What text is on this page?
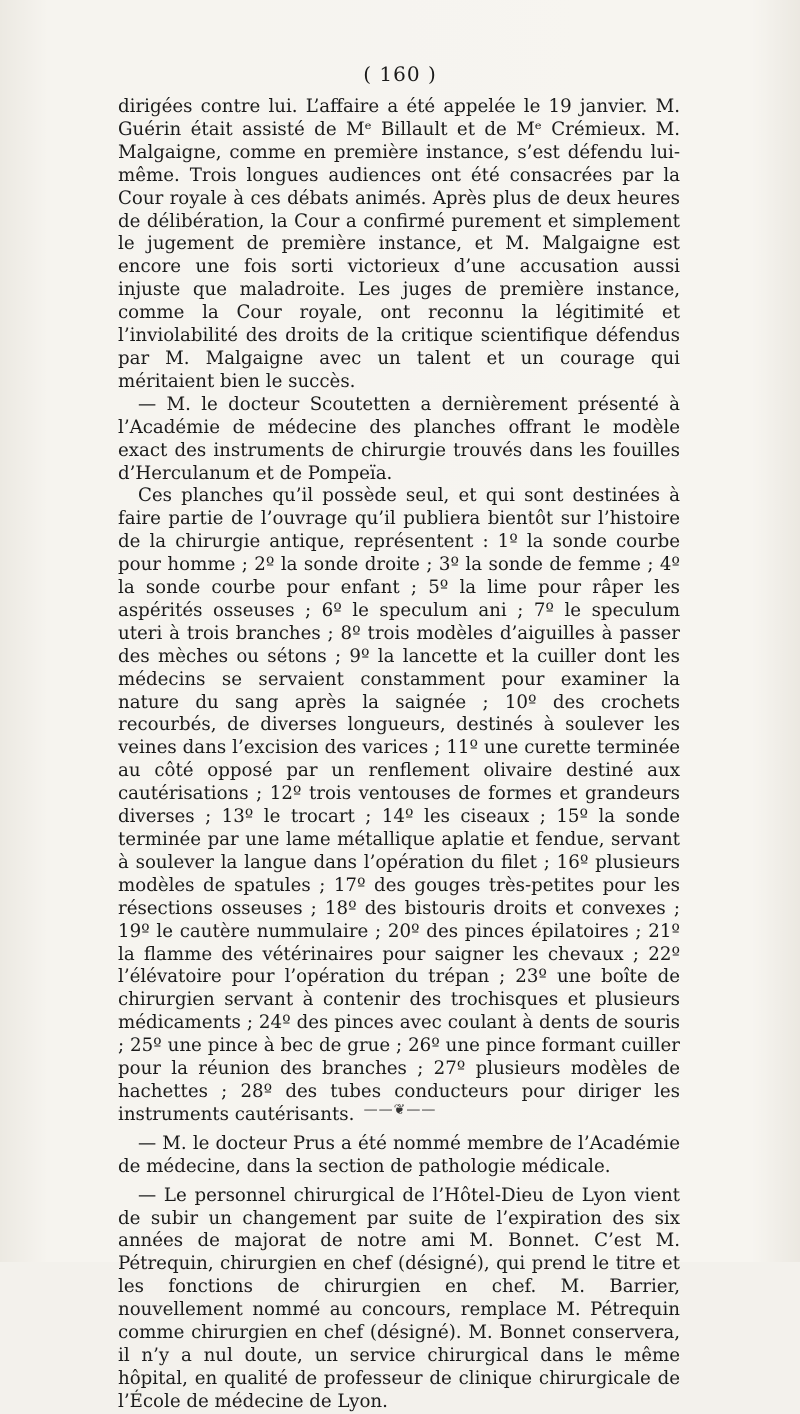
( 160 )

dirigées contre lui. L’affaire a été appelée le 19 janvier. M. Guérin était assisté de Mᵉ Billault et de Mᵉ Crémieux. M. Malgaigne, comme en première instance, s’est défendu lui-même. Trois longues audiences ont été consacrées par la Cour royale à ces débats animés. Après plus de deux heures de délibération, la Cour a confirmé purement et simplement le jugement de première instance, et M. Malgaigne est encore une fois sorti victorieux d’une accusation aussi injuste que maladroite. Les juges de première instance, comme la Cour royale, ont reconnu la légitimité et l’inviolabilité des droits de la critique scientifique défendus par M. Malgaigne avec un talent et un courage qui méritaient bien le succès.

— M. le docteur Scoutetten a dernièrement présenté à l’Académie de médecine des planches offrant le modèle exact des instruments de chirurgie trouvés dans les fouilles d’Herculanum et de Pompeïa.

Ces planches qu’il possède seul, et qui sont destinées à faire partie de l’ouvrage qu’il publiera bientôt sur l’histoire de la chirurgie antique, représentent : 1º la sonde courbe pour homme ; 2º la sonde droite ; 3º la sonde de femme ; 4º la sonde courbe pour enfant ; 5º la lime pour râper les aspérités osseuses ; 6º le speculum ani ; 7º le speculum uteri à trois branches ; 8º trois modèles d’aiguilles à passer des mèches ou sétons ; 9º la lancette et la cuiller dont les médecins se servaient constamment pour examiner la nature du sang après la saignée ; 10º des crochets recourbés, de diverses longueurs, destinés à soulever les veines dans l’excision des varices ; 11º une curette terminée au côté opposé par un renflement olivaire destiné aux cautérisations ; 12º trois ventouses de formes et grandeurs diverses ; 13º le trocart ; 14º les ciseaux ; 15º la sonde terminée par une lame métallique aplatie et fendue, servant à soulever la langue dans l’opération du filet ; 16º plusieurs modèles de spatules ; 17º des gouges très-petites pour les résections osseuses ; 18º des bistouris droits et convexes ; 19º le cautère nummulaire ; 20º des pinces épilatoires ; 21º la flamme des vétérinaires pour saigner les chevaux ; 22º l’élévatoire pour l’opération du trépan ; 23º une boîte de chirurgien servant à contenir des trochisques et plusieurs médicaments ; 24º des pinces avec coulant à dents de souris ; 25º une pince à bec de grue ; 26º une pince formant cuiller pour la réunion des branches ; 27º plusieurs modèles de hachettes ; 28º des tubes conducteurs pour diriger les instruments cautérisants.

— M. le docteur Prus a été nommé membre de l’Académie de médecine, dans la section de pathologie médicale.

— Le personnel chirurgical de l’Hôtel-Dieu de Lyon vient de subir un changement par suite de l’expiration des six années de majorat de notre ami M. Bonnet. C’est M. Pétrequin, chirurgien en chef (désigné), qui prend le titre et les fonctions de chirurgien en chef. M. Barrier, nouvellement nommé au concours, remplace M. Pétrequin comme chirurgien en chef (désigné). M. Bonnet conservera, il n’y a nul doute, un service chirurgical dans le même hôpital, en qualité de professeur de clinique chirurgicale de l’École de médecine de Lyon.

——❦——
